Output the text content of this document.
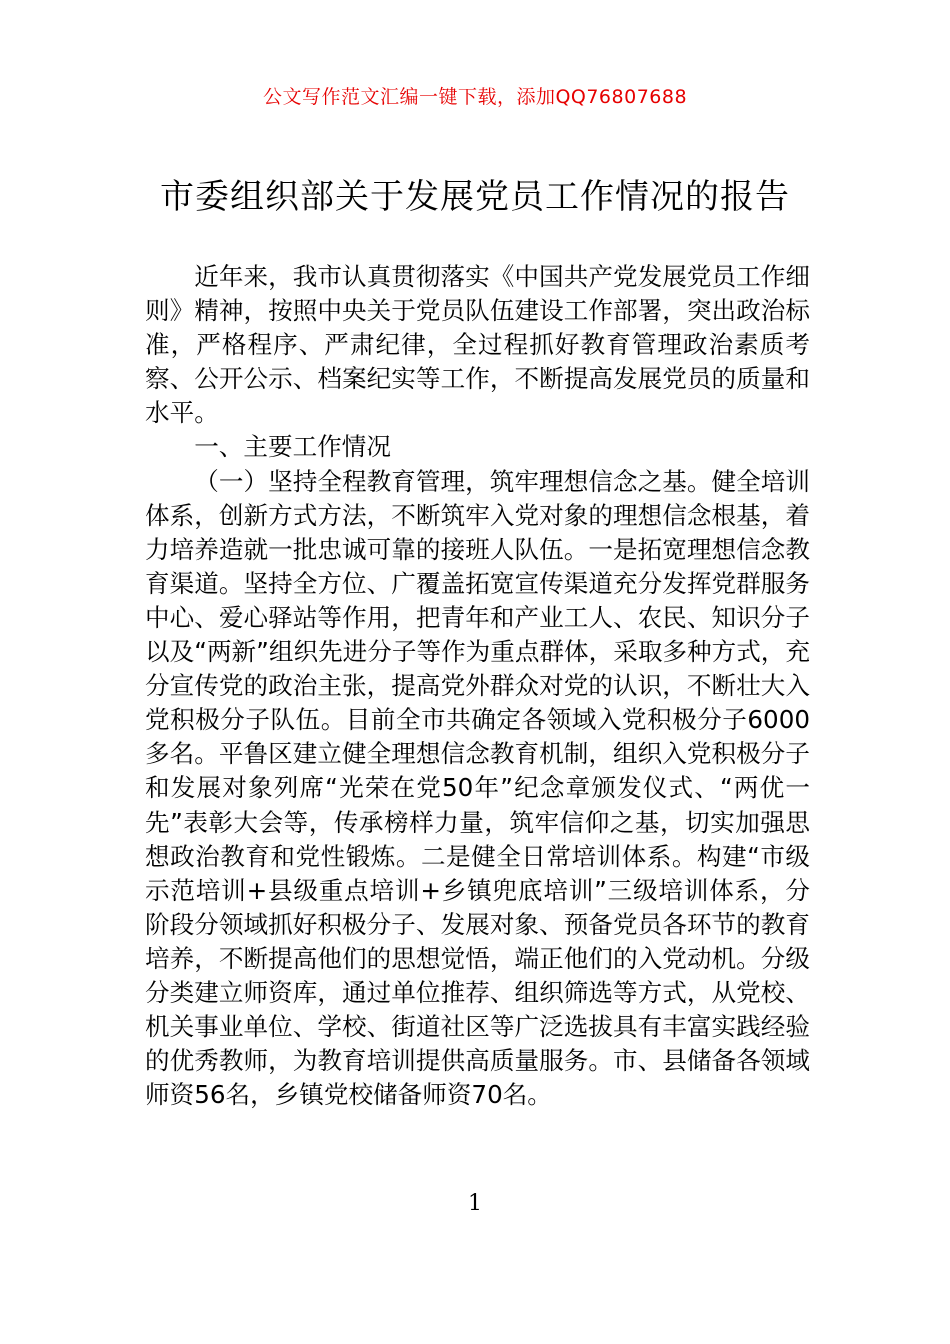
公文写作范文汇编一键下载，添加QQ76807688
市委组织部关于发展党员工作情况的报告

近年来，我市认真贯彻落实《中国共产党发展党员工作细则》精神，按照中央关于党员队伍建设工作部署，突出政治标准，严格程序、严肃纪律，全过程抓好教育管理政治素质考察、公开公示、档案纪实等工作，不断提高发展党员的质量和水平。

一、主要工作情况

（一）坚持全程教育管理，筑牢理想信念之基。健全培训体系，创新方式方法，不断筑牢入党对象的理想信念根基，着力培养造就一批忠诚可靠的接班人队伍。一是拓宽理想信念教育渠道。坚持全方位、广覆盖拓宽宣传渠道充分发挥党群服务中心、爱心驿站等作用，把青年和产业工人、农民、知识分子以及“两新”组织先进分子等作为重点群体，采取多种方式，充分宣传党的政治主张，提高党外群众对党的认识，不断壮大入党积极分子队伍。目前全市共确定各领域入党积极分子6000多名。平鲁区建立健全理想信念教育机制，组织入党积极分子和发展对象列席“光荣在党50年”纪念章颁发仪式、“两优一先”表彰大会等，传承榜样力量，筑牢信仰之基，切实加强思想政治教育和党性锻炼。二是健全日常培训体系。构建“市级示范培训+县级重点培训+乡镇兜底培训”三级培训体系，分阶段分领域抓好积极分子、发展对象、预备党员各环节的教育培养，不断提高他们的思想觉悟，端正他们的入党动机。分级分类建立师资库，通过单位推荐、组织筛选等方式，从党校、机关事业单位、学校、街道社区等广泛选拔具有丰富实践经验的优秀教师，为教育培训提供高质量服务。市、县储备各领域师资56名，乡镇党校储备师资70名。

1
